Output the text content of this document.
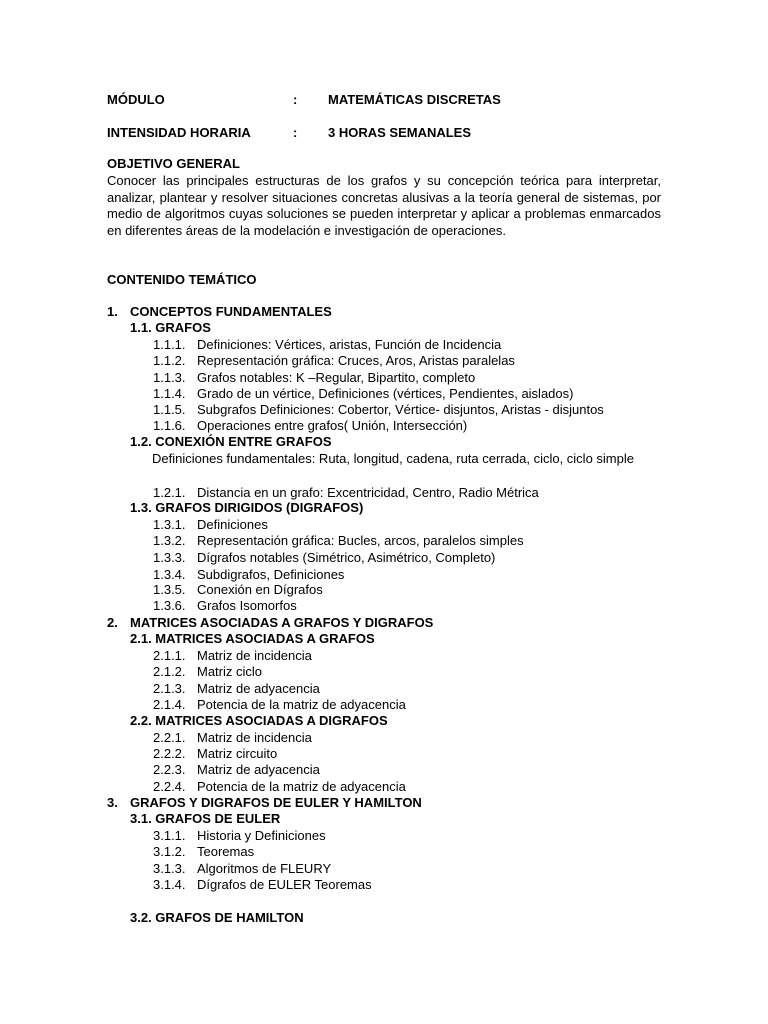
MÓDULO	: MATEMÁTICAS DISCRETAS
INTENSIDAD HORARIA	: 3 HORAS SEMANALES
OBJETIVO GENERAL
Conocer las principales estructuras de los grafos y su concepción teórica para interpretar, analizar, plantear y resolver situaciones concretas alusivas a la teoría general de sistemas, por medio de algoritmos cuyas soluciones se pueden interpretar y aplicar a problemas enmarcados en diferentes áreas de la modelación e investigación de operaciones.
CONTENIDO TEMÁTICO
1. CONCEPTOS FUNDAMENTALES
1.1. GRAFOS
1.1.1. Definiciones: Vértices, aristas, Función de Incidencia
1.1.2. Representación gráfica: Cruces, Aros, Aristas paralelas
1.1.3. Grafos notables: K –Regular, Bipartito, completo
1.1.4. Grado de un vértice, Definiciones (vértices, Pendientes, aislados)
1.1.5. Subgrafos Definiciones: Cobertor, Vértice- disjuntos, Aristas - disjuntos
1.1.6. Operaciones entre grafos( Unión, Intersección)
1.2. CONEXIÓN ENTRE GRAFOS
Definiciones fundamentales: Ruta, longitud, cadena, ruta cerrada, ciclo, ciclo simple
1.2.1. Distancia en un grafo: Excentricidad, Centro, Radio Métrica
1.3. GRAFOS DIRIGIDOS (DIGRAFOS)
1.3.1. Definiciones
1.3.2. Representación gráfica: Bucles, arcos, paralelos simples
1.3.3. Dígrafos notables (Simétrico, Asimétrico, Completo)
1.3.4. Subdigrafos, Definiciones
1.3.5. Conexión en Dígrafos
1.3.6. Grafos Isomorfos
2. MATRICES ASOCIADAS A GRAFOS Y DIGRAFOS
2.1. MATRICES ASOCIADAS A GRAFOS
2.1.1. Matriz de incidencia
2.1.2. Matriz ciclo
2.1.3. Matriz de adyacencia
2.1.4. Potencia de la matriz de adyacencia
2.2. MATRICES ASOCIADAS A DIGRAFOS
2.2.1. Matriz de incidencia
2.2.2. Matriz circuito
2.2.3. Matriz de adyacencia
2.2.4. Potencia de la matriz de adyacencia
3. GRAFOS Y DIGRAFOS DE EULER Y HAMILTON
3.1. GRAFOS DE EULER
3.1.1. Historia y Definiciones
3.1.2. Teoremas
3.1.3. Algoritmos de FLEURY
3.1.4. Dígrafos de EULER Teoremas
3.2. GRAFOS DE HAMILTON
